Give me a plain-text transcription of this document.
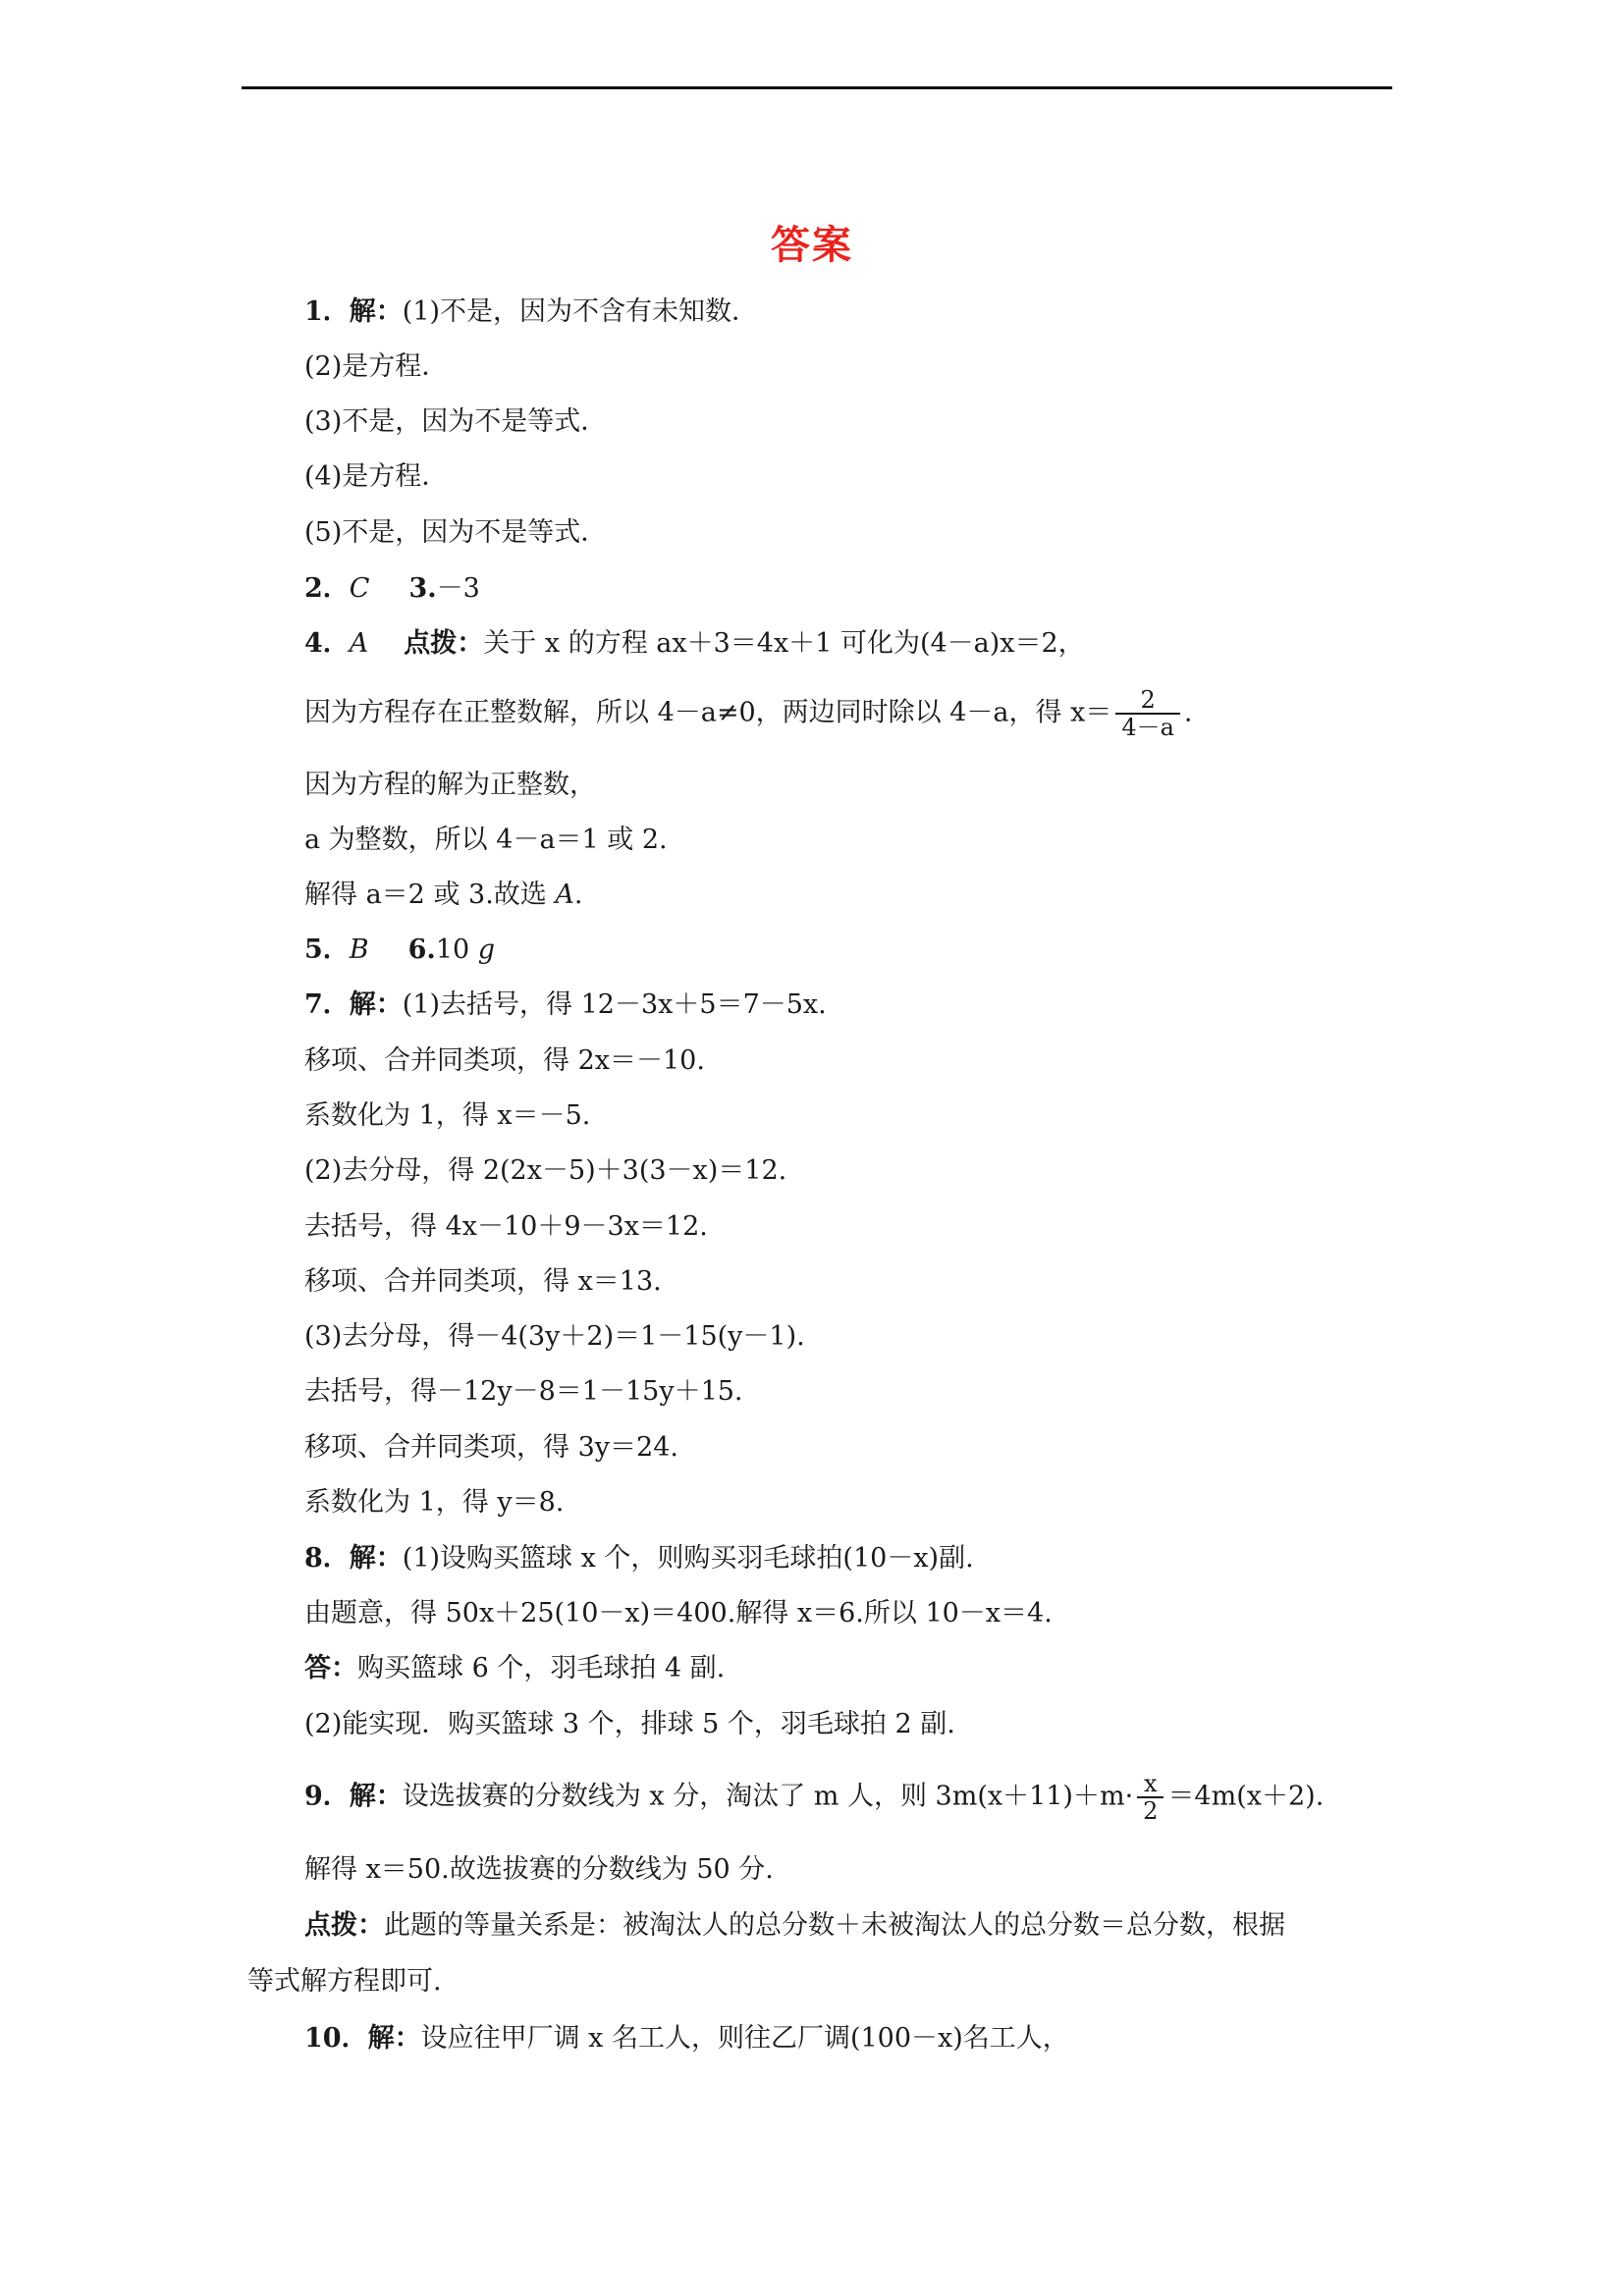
答案
1．解：(1)不是，因为不含有未知数．
(2)是方程．
(3)不是，因为不是等式．
(4)是方程．
(5)不是，因为不是等式．
2．C 3.－3
4．A 点拨：关于 x 的方程 ax＋3＝4x＋1 可化为(4－a)x＝2，
因为方程存在正整数解，所以 4－a≠0，两边同时除以 4－a，得 $x= \frac{2}{4-a}$ .
因为方程的解为正整数，
a 为整数，所以 4－a＝1 或 2.
解得 a＝2 或 3.故选 A.
5．B 6.10 g
7．解：(1)去括号，得 12－3x＋5＝7－5x.
移项、合并同类项，得 2x＝－10.
系数化为 1，得 x＝－5.
(2)去分母，得 2(2x－5)＋3(3－x)＝12.
去括号，得 4x－10＋9－3x＝12.
移项、合并同类项，得 x＝13.
(3)去分母，得－4(3y＋2)＝1－15(y－1).
去括号，得－12y－8＝1－15y＋15.
移项、合并同类项，得 3y＝24.
系数化为 1，得 y＝8.
8．解：(1)设购买篮球 x 个，则购买羽毛球拍(10－x)副.
由题意，得 50x＋25(10－x)＝400.解得 x＝6.所以 10－x＝4.
答：购买篮球 6 个，羽毛球拍 4 副.
(2)能实现．购买篮球 3 个，排球 5 个，羽毛球拍 2 副.
9．解：设选拔赛的分数线为 x 分，淘汰了 m 人，则 $3m(x+11)+m\cdot \frac{x}{2} =4m(x+2)$.
解得 x＝50.故选拔赛的分数线为 50 分.
点拨：此题的等量关系是：被淘汰人的总分数＋未被淘汰人的总分数＝总分数，根据
等式解方程即可.
10．解：设应往甲厂调 x 名工人，则往乙厂调(100－x)名工人，
